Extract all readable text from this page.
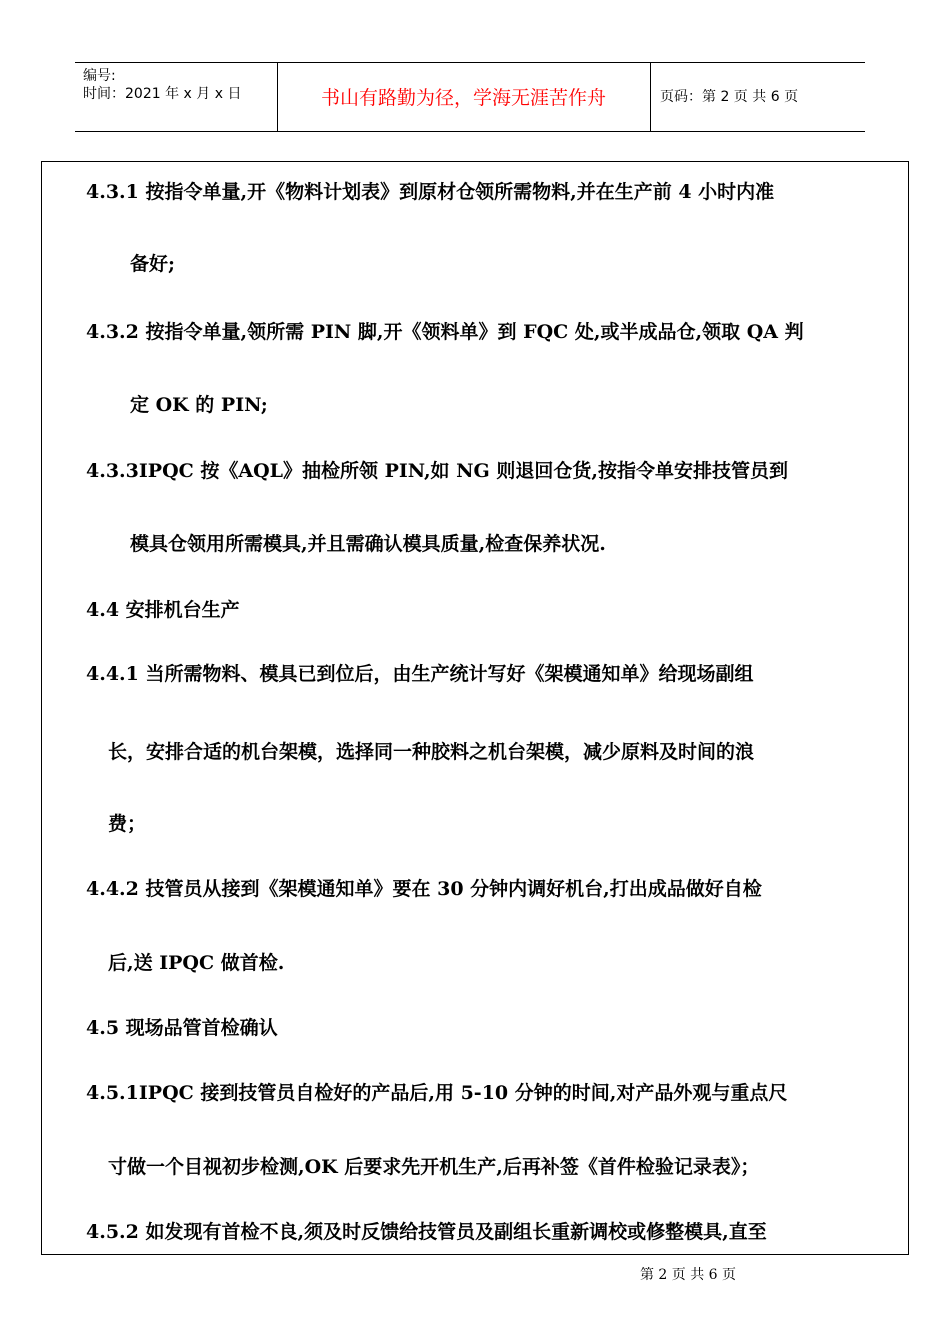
编号:
时间：2021 年 x 月 x 日	书山有路勤为径，学海无涯苦作舟	页码：第 2 页 共 6 页
4.3.1 按指令单量,开《物料计划表》到原材仓领所需物料,并在生产前 4 小时内准
备好;
4.3.2 按指令单量,领所需 PIN 脚,开《领料单》到 FQC 处,或半成品仓,领取 QA 判
定 OK 的 PIN;
4.3.3IPQC 按《AQL》抽检所领 PIN,如 NG 则退回仓货,按指令单安排技管员到
模具仓领用所需模具,并且需确认模具质量,检查保养状况.
4.4 安排机台生产
4.4.1 当所需物料、模具已到位后，由生产统计写好《架模通知单》给现场副组
长，安排合适的机台架模，选择同一种胶料之机台架模，减少原料及时间的浪
费；
4.4.2 技管员从接到《架模通知单》要在 30 分钟内调好机台,打出成品做好自检
后,送 IPQC 做首检.
4.5 现场品管首检确认
4.5.1IPQC 接到技管员自检好的产品后,用 5-10 分钟的时间,对产品外观与重点尺
寸做一个目视初步检测,OK 后要求先开机生产,后再补签《首件检验记录表》；
4.5.2 如发现有首检不良,须及时反馈给技管员及副组长重新调校或修整模具,直至
第 2 页 共 6 页
